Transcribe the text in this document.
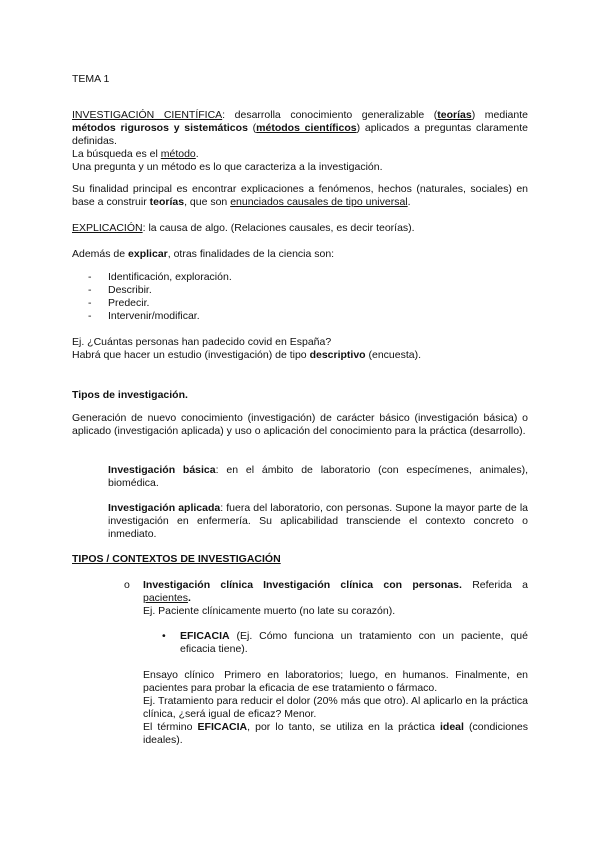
TEMA 1
INVESTIGACIÓN CIENTÍFICA: desarrolla conocimiento generalizable (teorías) mediante métodos rigurosos y sistemáticos (métodos científicos) aplicados a preguntas claramente definidas.
La búsqueda es el método.
Una pregunta y un método es lo que caracteriza a la investigación.
Su finalidad principal es encontrar explicaciones a fenómenos, hechos (naturales, sociales) en base a construir teorías, que son enunciados causales de tipo universal.
EXPLICACIÓN: la causa de algo. (Relaciones causales, es decir teorías).
Además de explicar, otras finalidades de la ciencia son:
- Identificación, exploración.
- Describir.
- Predecir.
- Intervenir/modificar.
Ej. ¿Cuántas personas han padecido covid en España?
Habrá que hacer un estudio (investigación) de tipo descriptivo (encuesta).
Tipos de investigación.
Generación de nuevo conocimiento (investigación) de carácter básico (investigación básica) o aplicado (investigación aplicada) y uso o aplicación del conocimiento para la práctica (desarrollo).
Investigación básica: en el ámbito de laboratorio (con especímenes, animales), biomédica.
Investigación aplicada: fuera del laboratorio, con personas. Supone la mayor parte de la investigación en enfermería. Su aplicabilidad transciende el contexto concreto o inmediato.
TIPOS / CONTEXTOS DE INVESTIGACIÓN
o Investigación clínica Investigación clínica con personas. Referida a pacientes.
Ej. Paciente clínicamente muerto (no late su corazón).
• EFICACIA (Ej. Cómo funciona un tratamiento con un paciente, qué eficacia tiene).
Ensayo clínico Primero en laboratorios; luego, en humanos. Finalmente, en pacientes para probar la eficacia de ese tratamiento o fármaco.
Ej. Tratamiento para reducir el dolor (20% más que otro). Al aplicarlo en la práctica clínica, ¿será igual de eficaz? Menor.
El término EFICACIA, por lo tanto, se utiliza en la práctica ideal (condiciones ideales).
